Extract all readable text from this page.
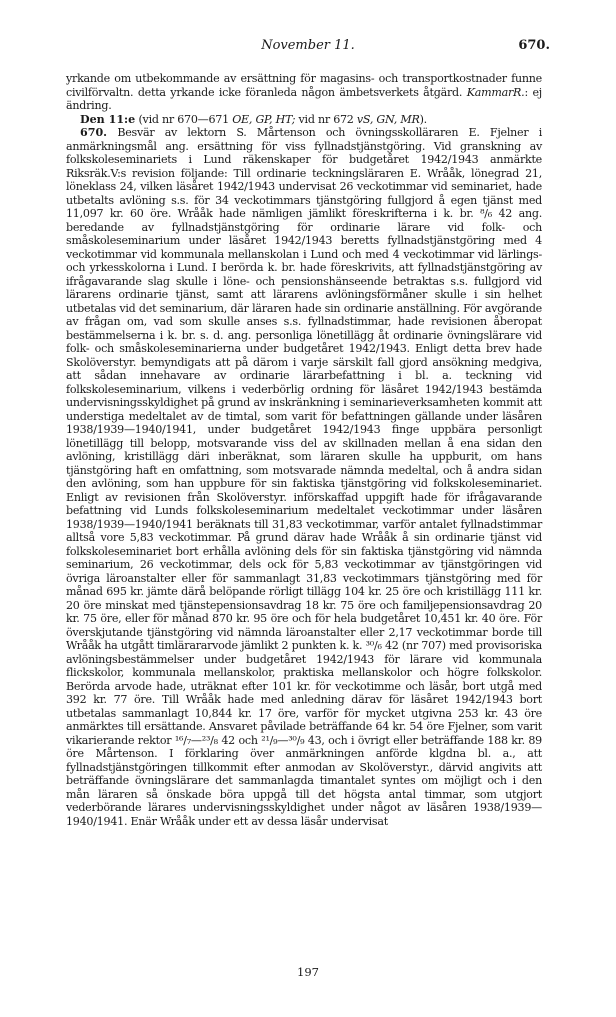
November 11.	670.

yrkande om utbekommande av ersättning för magasins- och transportkostnader funne civilförvaltn. detta yrkande icke föranleda någon ämbetsverkets åtgärd. KammarR.: ej ändring.

Den 11:e (vid nr 670—671 OE, GP, HT; vid nr 672 vS, GN, MR).

670. Besvär av lektorn S. Mårtenson och övningsskolläraren E. Fjelner i anmärkningsmål ang. ersättning för viss fyllnadstjänstgöring. Vid granskning av folkskoleseminariets i Lund räkenskaper för budgetåret 1942/1943 anmärkte Riksräk.V:s revision följande: Till ordinarie teckningsläraren E. Wrååk, lönegrad 21, löneklass 24, vilken läsåret 1942/1943 undervisat 26 veckotimmar vid seminariet, hade utbetalts avlöning s.s. för 34 veckotimmars tjänstgöring fullgjord å egen tjänst med 11,097 kr. 60 öre. Wrååk hade nämligen jämlikt föreskrifterna i k. br. ⁸/₆ 42 ang. beredande av fyllnadstjänstgöring för ordinarie lärare vid folk- och småskoleseminarium under läsåret 1942/1943 beretts fyllnadstjänstgöring med 4 veckotimmar vid kommunala mellanskolan i Lund och med 4 veckotimmar vid lärlings- och yrkesskolorna i Lund. I berörda k. br. hade föreskrivits, att fyllnadstjänstgöring av ifrågavarande slag skulle i löne- och pensionshänseende betraktas s.s. fullgjord vid lärarens ordinarie tjänst, samt att lärarens avlöningsförmåner skulle i sin helhet utbetalas vid det seminarium, där läraren hade sin ordinarie anställning. För avgörande av frågan om, vad som skulle anses s.s. fyllnadstimmar, hade revisionen åberopat bestämmelserna i k. br. s. d. ang. personliga lönetillägg åt ordinarie övningslärare vid folk- och småskoleseminarierna under budgetåret 1942/1943. Enligt detta brev hade Skolöverstyr. bemyndigats att på därom i varje särskilt fall gjord ansökning medgiva, att sådan innehavare av ordinarie lärarbefattning i bl. a. teckning vid folkskoleseminarium, vilkens i vederbörlig ordning för läsåret 1942/1943 bestämda undervisningsskyldighet på grund av inskränkning i seminarieverksamheten kommit att understiga medeltalet av de timtal, som varit för befattningen gällande under läsåren 1938/1939—1940/1941, under budgetåret 1942/1943 finge uppbära personligt lönetillägg till belopp, motsvarande viss del av skillnaden mellan å ena sidan den avlöning, kristillägg däri inberäknat, som läraren skulle ha uppburit, om hans tjänstgöring haft en omfattning, som motsvarade nämnda medeltal, och å andra sidan den avlöning, som han uppbure för sin faktiska tjänstgöring vid folkskoleseminariet. Enligt av revisionen från Skolöverstyr. införskaffad uppgift hade för ifrågavarande befattning vid Lunds folkskoleseminarium medeltalet veckotimmar under läsåren 1938/1939—1940/1941 beräknats till 31,83 veckotimmar, varför antalet fyllnadstimmar alltså vore 5,83 veckotimmar. På grund därav hade Wrååk å sin ordinarie tjänst vid folkskoleseminariet bort erhålla avlöning dels för sin faktiska tjänstgöring vid nämnda seminarium, 26 veckotimmar, dels ock för 5,83 veckotimmar av tjänstgöringen vid övriga läroanstalter eller för sammanlagt 31,83 veckotimmars tjänstgöring med för månad 695 kr. jämte därå belöpande rörligt tillägg 104 kr. 25 öre och kristillägg 111 kr. 20 öre minskat med tjänstepensionsavdrag 18 kr. 75 öre och familjepensionsavdrag 20 kr. 75 öre, eller för månad 870 kr. 95 öre och för hela budgetåret 10,451 kr. 40 öre. För överskjutande tjänstgöring vid nämnda läroanstalter eller 2,17 veckotimmar borde till Wrååk ha utgått timlärararvode jämlikt 2 punkten k. k. ³⁰/₆ 42 (nr 707) med provisoriska avlöningsbestämmelser under budgetåret 1942/1943 för lärare vid kommunala flickskolor, kommunala mellanskolor, praktiska mellanskolor och högre folkskolor. Berörda arvode hade, uträknat efter 101 kr. för veckotimme och läsår, bort utgå med 392 kr. 77 öre. Till Wrååk hade med anledning därav för läsåret 1942/1943 bort utbetalas sammanlagt 10,844 kr. 17 öre, varför för mycket utgivna 253 kr. 43 öre anmärktes till ersättande. Ansvaret påvilade beträffande 64 kr. 54 öre Fjelner, som varit vikarierande rektor ¹⁶/₇—²³/₈ 42 och ²¹/₉—³⁰/₉ 43, och i övrigt eller beträffande 188 kr. 89 öre Mårtenson. I förklaring över anmärkningen anförde klgdna bl. a., att fyllnadstjänstgöringen tillkommit efter anmodan av Skolöverstyr., därvid angivits att beträffande övningslärare det sammanlagda timantalet syntes om möjligt och i den mån läraren så önskade böra uppgå till det högsta antal timmar, som utgjort vederbörande lärares undervisningsskyldighet under något av läsåren 1938/1939—1940/1941. Enär Wrååk under ett av dessa läsår undervisat

197
